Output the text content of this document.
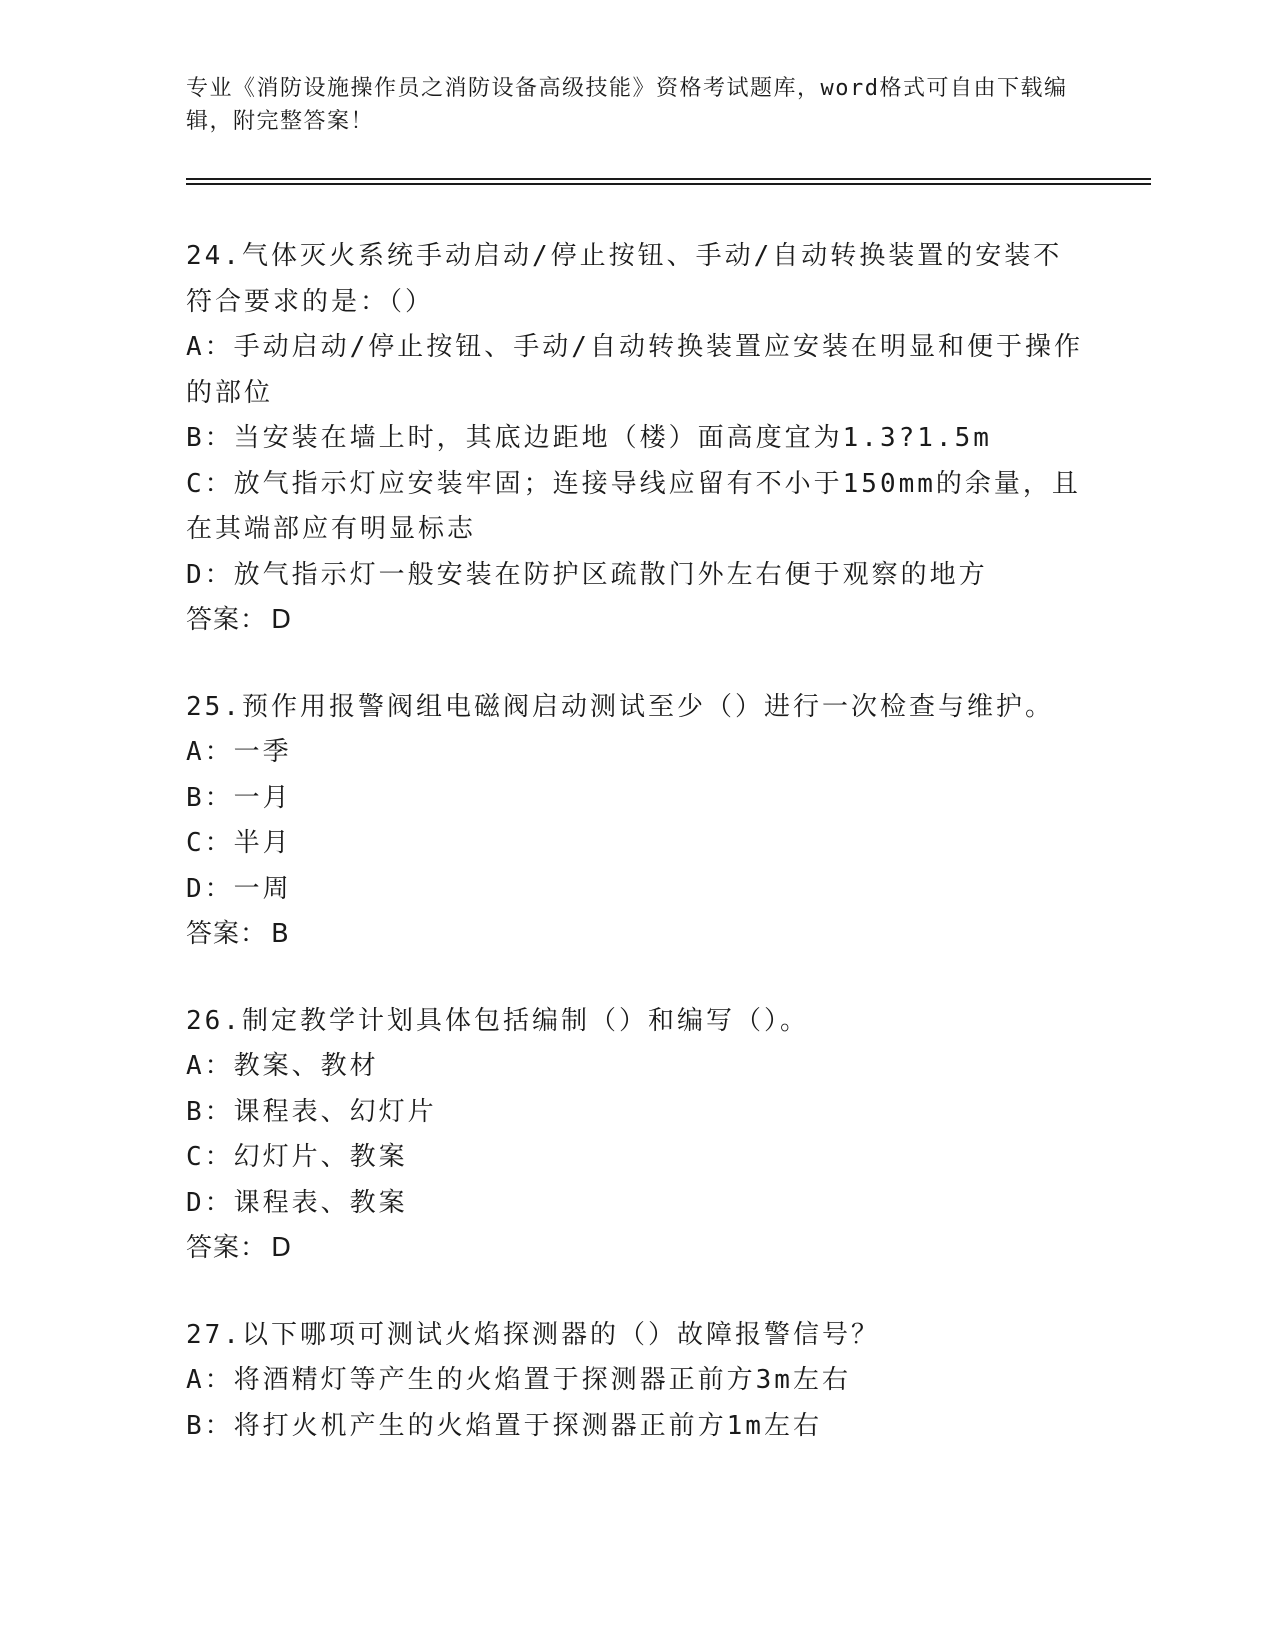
专业《消防设施操作员之消防设备高级技能》资格考试题库，word格式可自由下载编辑，附完整答案！
24.气体灭火系统手动启动/停止按钮、手动/自动转换装置的安装不符合要求的是：（）
A：手动启动/停止按钮、手动/自动转换装置应安装在明显和便于操作的部位
B：当安装在墙上时，其底边距地（楼）面高度宜为1.3?1.5m
C：放气指示灯应安装牢固；连接导线应留有不小于150mm的余量，且在其端部应有明显标志
D：放气指示灯一般安装在防护区疏散门外左右便于观察的地方
答案： D
25.预作用报警阀组电磁阀启动测试至少（）进行一次检查与维护。
A：一季
B：一月
C：半月
D：一周
答案： B
26.制定教学计划具体包括编制（）和编写（）。
A：教案、教材
B：课程表、幻灯片
C：幻灯片、教案
D：课程表、教案
答案： D
27.以下哪项可测试火焰探测器的（）故障报警信号？
A：将酒精灯等产生的火焰置于探测器正前方3m左右
B：将打火机产生的火焰置于探测器正前方1m左右
